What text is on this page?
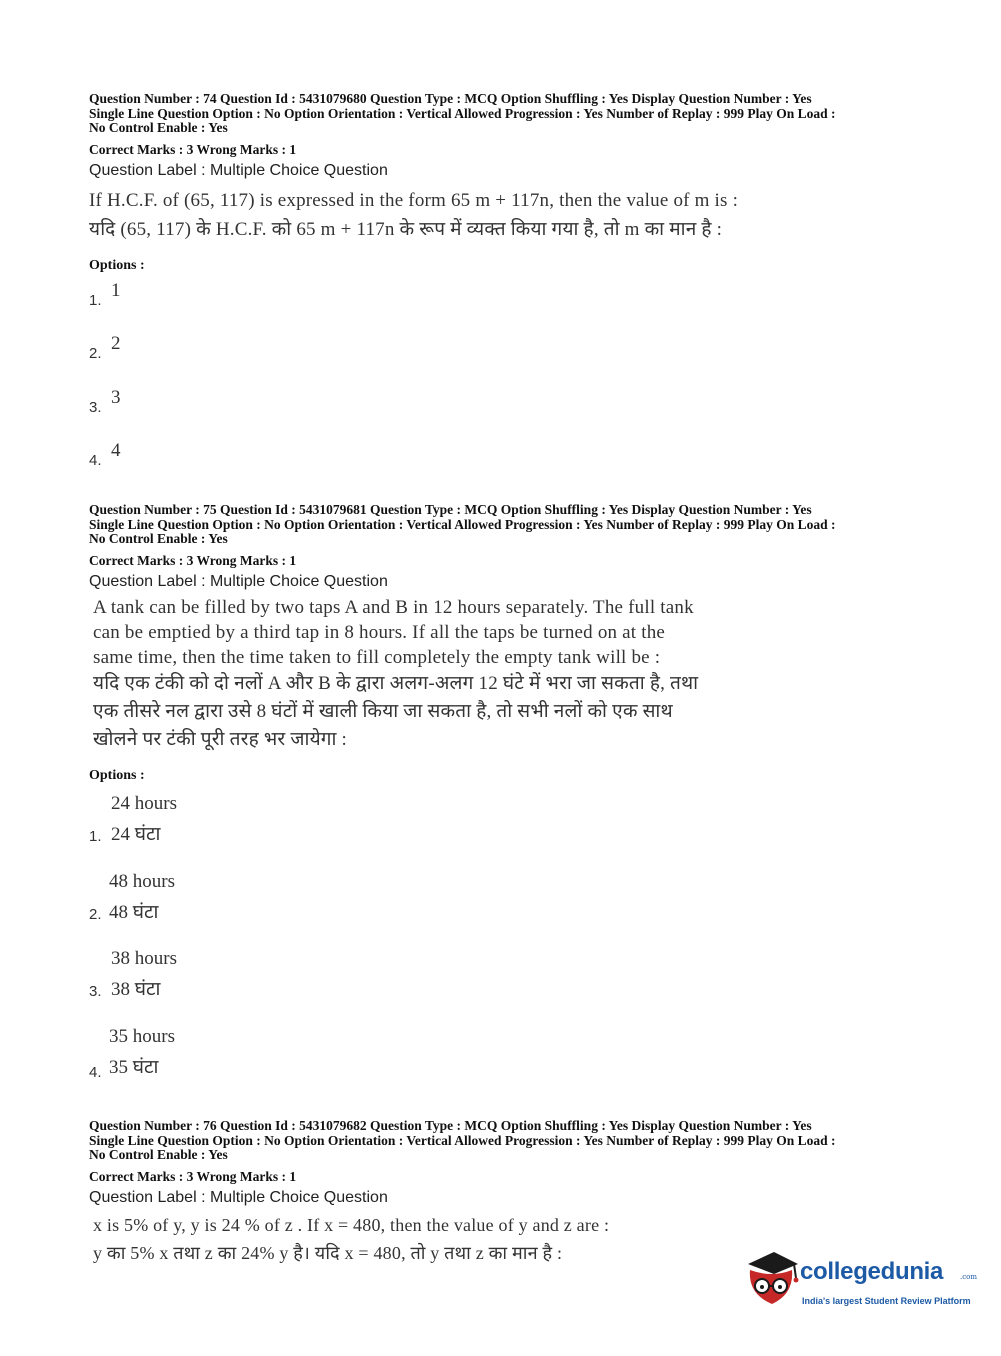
Question Number : 74 Question Id : 5431079680 Question Type : MCQ Option Shuffling : Yes Display Question Number : Yes
Single Line Question Option : No Option Orientation : Vertical Allowed Progression : Yes Number of Replay : 999 Play On Load :
No Control Enable : Yes
Correct Marks : 3 Wrong Marks : 1
Question Label : Multiple Choice Question
If H.C.F. of (65, 117) is expressed in the form 65 m + 117n, then the value of m is :
यदि (65, 117) के H.C.F. को 65 m + 117n के रूप में व्यक्त किया गया है, तो m का मान है :
Options :
1. 1
2. 2
3. 3
4. 4
Question Number : 75 Question Id : 5431079681 Question Type : MCQ Option Shuffling : Yes Display Question Number : Yes
Single Line Question Option : No Option Orientation : Vertical Allowed Progression : Yes Number of Replay : 999 Play On Load :
No Control Enable : Yes
Correct Marks : 3 Wrong Marks : 1
Question Label : Multiple Choice Question
A tank can be filled by two taps A and B in 12 hours separately. The full tank
can be emptied by a third tap in 8 hours. If all the taps be turned on at the
same time, then the time taken to fill completely the empty tank will be :
यदि एक टंकी को दो नलों A और B के द्वारा अलग-अलग 12 घंटे में भरा जा सकता है, तथा
एक तीसरे नल द्वारा उसे 8 घंटों में खाली किया जा सकता है, तो सभी नलों को एक साथ
खोलने पर टंकी पूरी तरह भर जायेगा :
Options :
1.
24 hours
24 घंटा
2.
48 hours
48 घंटा
3.
38 hours
38 घंटा
4.
35 hours
35 घंटा
Question Number : 76 Question Id : 5431079682 Question Type : MCQ Option Shuffling : Yes Display Question Number : Yes
Single Line Question Option : No Option Orientation : Vertical Allowed Progression : Yes Number of Replay : 999 Play On Load :
No Control Enable : Yes
Correct Marks : 3 Wrong Marks : 1
Question Label : Multiple Choice Question
x is 5% of y, y is 24 % of z . If x = 480, then the value of y and z are :
y का 5% x तथा z का 24% y है। यदि x = 480, तो y तथा z का मान है :
collegedunia .com
India's largest Student Review Platform
